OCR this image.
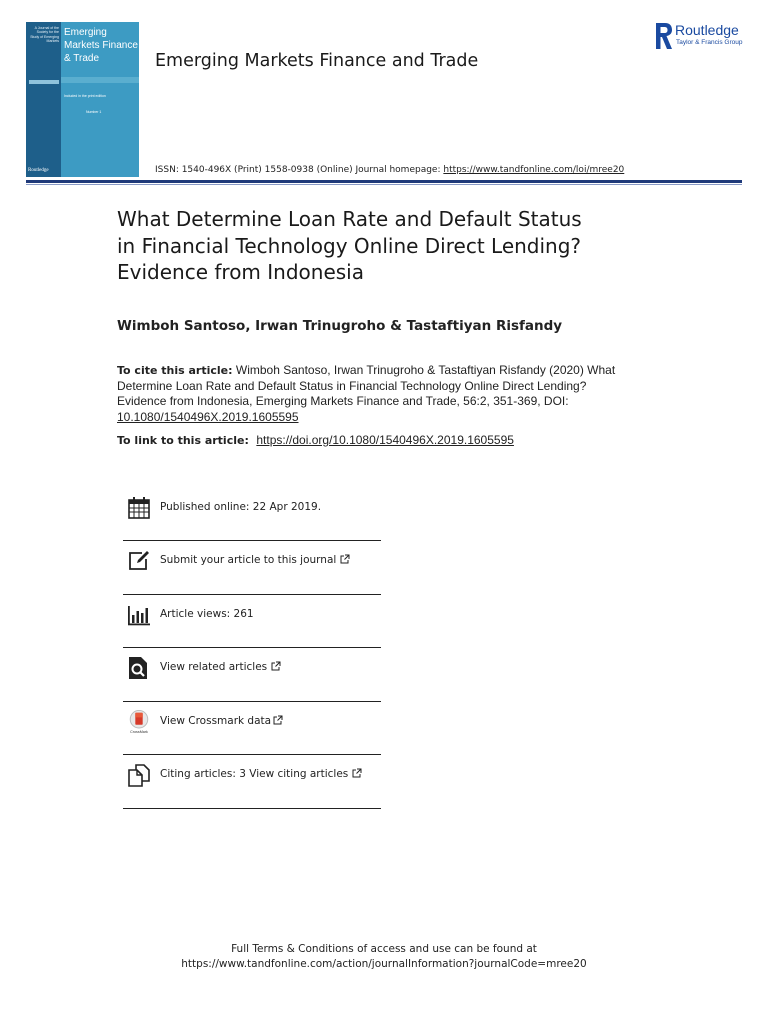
A Journal of the Society for the Study of Emerging Markets
Emerging Markets Finance & Trade
Included in the print edition
Number 1
Routledge
Emerging Markets Finance and Trade
ISSN: 1540-496X (Print) 1558-0938 (Online) Journal homepage: https://www.tandfonline.com/loi/mree20
Routledge
Taylor & Francis Group
What Determine Loan Rate and Default Status
in Financial Technology Online Direct Lending?
Evidence from Indonesia
Wimboh Santoso, Irwan Trinugroho & Tastaftiyan Risfandy
To cite this article: Wimboh Santoso, Irwan Trinugroho & Tastaftiyan Risfandy (2020) What Determine Loan Rate and Default Status in Financial Technology Online Direct Lending? Evidence from Indonesia, Emerging Markets Finance and Trade, 56:2, 351-369, DOI: 10.1080/1540496X.2019.1605595
To link to this article: https://doi.org/10.1080/1540496X.2019.1605595
Published online: 22 Apr 2019.
Submit your article to this journal
Article views: 261
View related articles
CrossMark
View Crossmark data
Citing articles: 3 View citing articles
Full Terms & Conditions of access and use can be found at
https://www.tandfonline.com/action/journalInformation?journalCode=mree20
